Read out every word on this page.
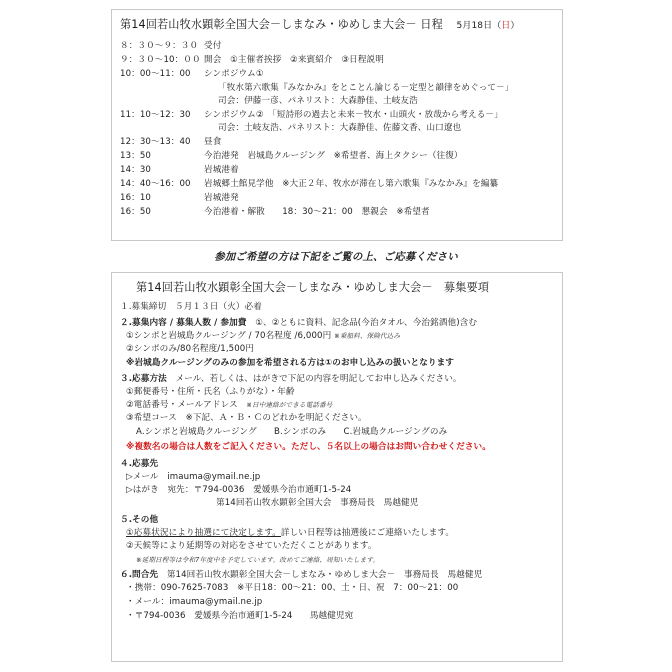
第14回若山牧水顕彰全国大会－しまなみ・ゆめしま大会－ 日程 5月18日（日）
８：３０～９：３０ 受付
９：３０～10：００ 開会　①主催者挨拶　②来賓紹介　③日程説明
10：00～11：00 シンポジウム①
「牧水第六歌集『みなかみ』をとことん論じる－定型と韻律をめぐって－」
司会：伊藤一彦、パネリスト：大森静佳、土岐友浩
11：10～12：30 シンポジウム②　「短詩形の過去と未来－牧水・山頭火・放哉から考える－」
司会：土岐友浩、パネリスト：大森静佳、佐藤文香、山口遼也
12：30～13：40 昼食
13：50	今治港発　岩城島クルージング　※希望者、海上タクシー（往復）
14：30	岩城港着
14：40～16：00 岩城郷土館見学他　※大正２年、牧水が滞在し第六歌集『みなかみ』を編纂
16：10	岩城港発
16：50	今治港着・解散　　18：30～21：00　懇親会　※希望者
参加ご希望の方は下記をご覧の上、ご応募ください
第14回若山牧水顕彰全国大会－しまなみ・ゆめしま大会－　募集要項
１.募集締切　５月１３日（火）必着
２.募集内容 / 募集人数 / 参加費　 ①、②ともに資料、記念品(今治タオル、今治銘酒他)含む
①シンポと岩城島クルージング / 70名程度 /6,000円 ※乗船料、保険代込み
②シンポのみ/80名程度/1,500円
※岩城島クルージングのみの参加を希望される方は①のお申し込みの扱いとなります
３.応募方法　 メール、若しくは、はがきで下記の内容を明記してお申し込みください。
①郵便番号・住所・氏名（ふりがな）・年齢
②電話番号・メールアドレス　 ※日中連絡ができる電話番号
③希望コース　※下記、Ａ・Ｂ・Ｃのどれかを明記ください。
A.シンポと岩城島クルージング　　B.シンポのみ　　C.岩城島クルージングのみ
※複数名の場合は人数をご記入ください。ただし、５名以上の場合はお問い合わせください。
４.応募先
▷メール　imauma@ymail.ne.jp
▷はがき　宛先：〒794-0036　愛媛県今治市通町1-5-24
第14回若山牧水顕彰全国大会　事務局長　馬越健児
５.その他
①応募状況により抽選にて決定します。詳しい日程等は抽選後にご連絡いたします。
②天候等により延期等の対応をさせていただくことがあります。
※延期日程等は令和7年度中を予定しています。改めてご連絡、周知いたします。
６.問合先　 第14回若山牧水顕彰全国大会－しまなみ・ゆめしま大会－　事務局長　馬越健児
・携帯：090-7625-7083　※平日18：00～21：00、土・日、祝　7：00～21：00
・メール：imauma@ymail.ne.jp
・〒794-0036　愛媛県今治市通町1-5-24　　馬越健児宛
